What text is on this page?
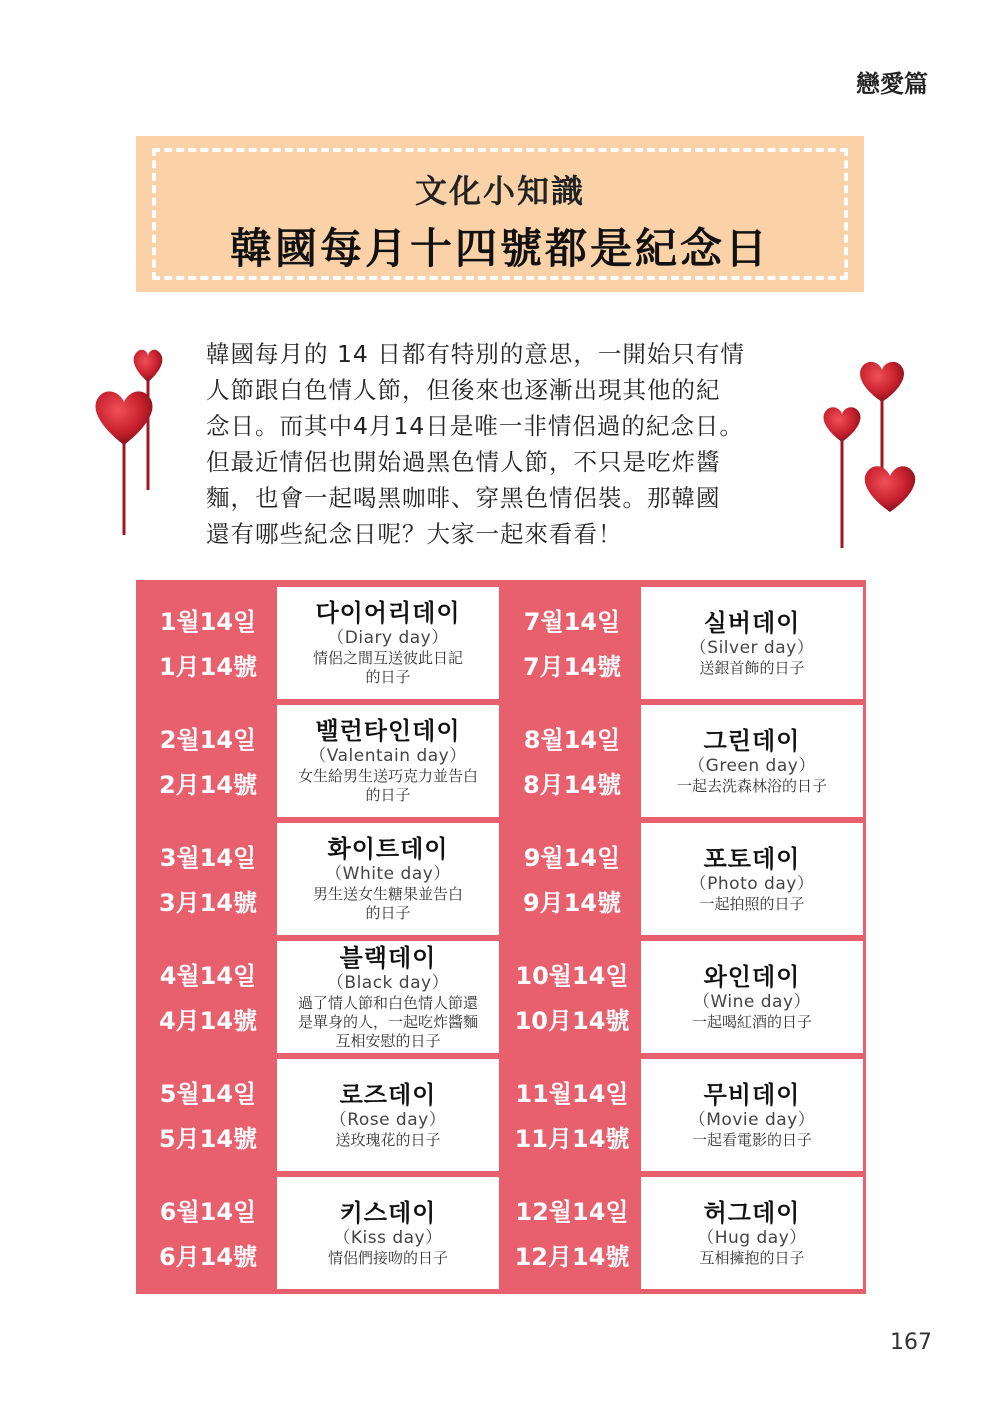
戀愛篇
文化小知識
韓國每月十四號都是紀念日

韓國每月的 14 日都有特別的意思，一開始只有情

人節跟白色情人節，但後來也逐漸出現其他的紀

念日。而其中4月14日是唯一非情侶過的紀念日。

但最近情侶也開始過黑色情人節，不只是吃炸醬

麵，也會一起喝黑咖啡、穿黑色情侶裝。那韓國

還有哪些紀念日呢？大家一起來看看！

1월14일
1月14號
다이어리데이
（Diary day）
情侶之間互送彼此日記
的日子
2월14일
2月14號
밸런타인데이
（Valentain day）
女生給男生送巧克力並告白
的日子
3월14일
3月14號
화이트데이
（White day）
男生送女生糖果並告白
的日子
4월14일
4月14號
블랙데이
（Black day）
過了情人節和白色情人節還
是單身的人，一起吃炸醬麵
互相安慰的日子
5월14일
5月14號
로즈데이
（Rose day）
送玫瑰花的日子
6월14일
6月14號
키스데이
（Kiss day）
情侶們接吻的日子
7월14일
7月14號
실버데이
（Silver day）
送銀首飾的日子
8월14일
8月14號
그린데이
（Green day）
一起去洗森林浴的日子
9월14일
9月14號
포토데이
（Photo day）
一起拍照的日子
10월14일
10月14號
와인데이
（Wine day）
一起喝紅酒的日子
11월14일
11月14號
무비데이
（Movie day）
一起看電影的日子
12월14일
12月14號
허그데이
（Hug day）
互相擁抱的日子
167
